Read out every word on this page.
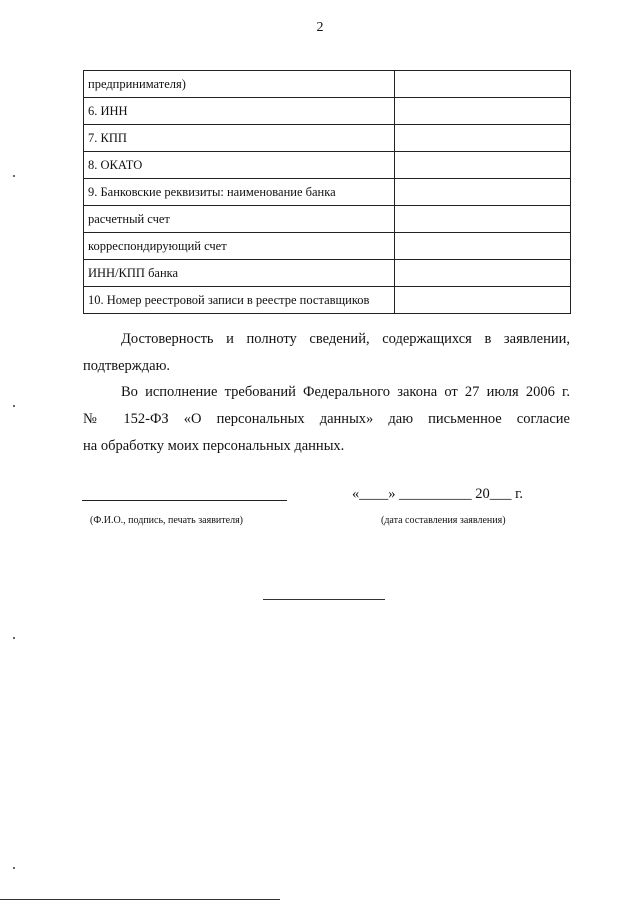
2
предпринимателя)	
6. ИНН	
7. КПП	
8. ОКАТО	
9. Банковские реквизиты: наименование банка	
расчетный счет	
корреспондирующий счет	
ИНН/КПП банка	
10. Номер реестровой записи в реестре поставщиков	
Достоверность и полноту сведений, содержащихся в заявлении,
подтверждаю.
Во исполнение требований Федерального закона от 27 июля 2006 г.
№ 152-ФЗ «О персональных данных» даю письменное согласие
на обработку моих персональных данных.
«____» __________ 20___ г.
(Ф.И.О., подпись, печать заявителя)	(дата составления заявления)
